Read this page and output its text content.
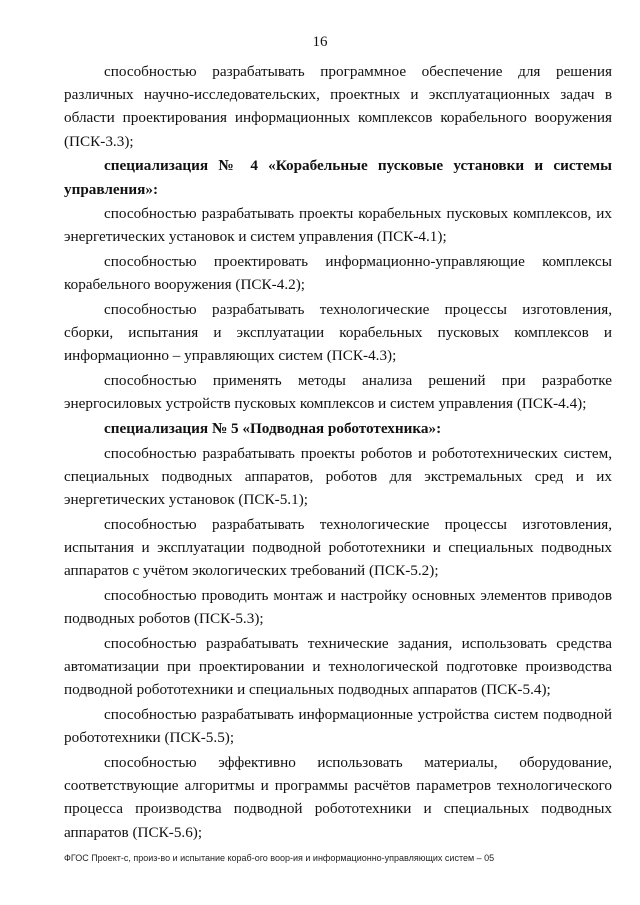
16

способностью разрабатывать программное обеспечение для решения различных научно-исследовательских, проектных и эксплуатационных задач в области проектирования информационных комплексов корабельного вооружения (ПСК-3.3);

специализация № 4 «Корабельные пусковые установки и системы управления»:

способностью разрабатывать проекты корабельных пусковых комплексов, их энергетических установок и систем управления (ПСК-4.1);

способностью проектировать информационно-управляющие комплексы корабельного вооружения (ПСК-4.2);

способностью разрабатывать технологические процессы изготовления, сборки, испытания и эксплуатации корабельных пусковых комплексов и информационно – управляющих систем (ПСК-4.3);

способностью применять методы анализа решений при разработке энергосиловых устройств пусковых комплексов и систем управления (ПСК-4.4);

специализация № 5 «Подводная робототехника»:

способностью разрабатывать проекты роботов и робототехнических систем, специальных подводных аппаратов, роботов для экстремальных сред и их энергетических установок (ПСК-5.1);

способностью разрабатывать технологические процессы изготовления, испытания и эксплуатации подводной робототехники и специальных подводных аппаратов с учётом экологических требований (ПСК-5.2);

способностью проводить монтаж и настройку основных элементов приводов подводных роботов (ПСК-5.3);

способностью разрабатывать технические задания, использовать средства автоматизации при проектировании и технологической подготовке производства подводной робототехники и специальных подводных аппаратов (ПСК-5.4);

способностью разрабатывать информационные устройства систем подводной робототехники (ПСК-5.5);

способностью эффективно использовать материалы, оборудование, соответствующие алгоритмы и программы расчётов параметров технологического процесса производства подводной робототехники и специальных подводных аппаратов (ПСК-5.6);

ФГОС Проект-с, произ-во и испытание кораб-ого воор-ия и информационно-управляющих систем – 05
